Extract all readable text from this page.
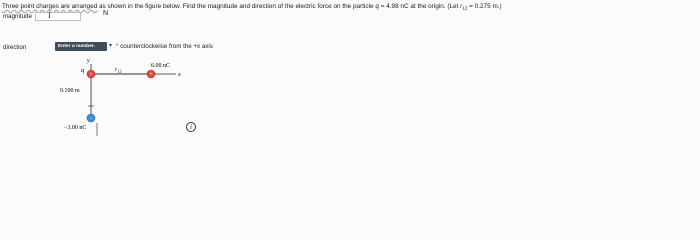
Three point charges are arranged as shown in the figure below. Find the magnitude and direction of the electric force on the particle q = 4.98 nC at the origin. (Let $r_{12} = 0.275$ m.)
magnitude I	N
direction	Enter a number.	▾ ° counterclockwise from the +x axis
y
x
q	$r_{12}$
6.00 nC
0.100 m
−3.00 nC
+	+
−
i
